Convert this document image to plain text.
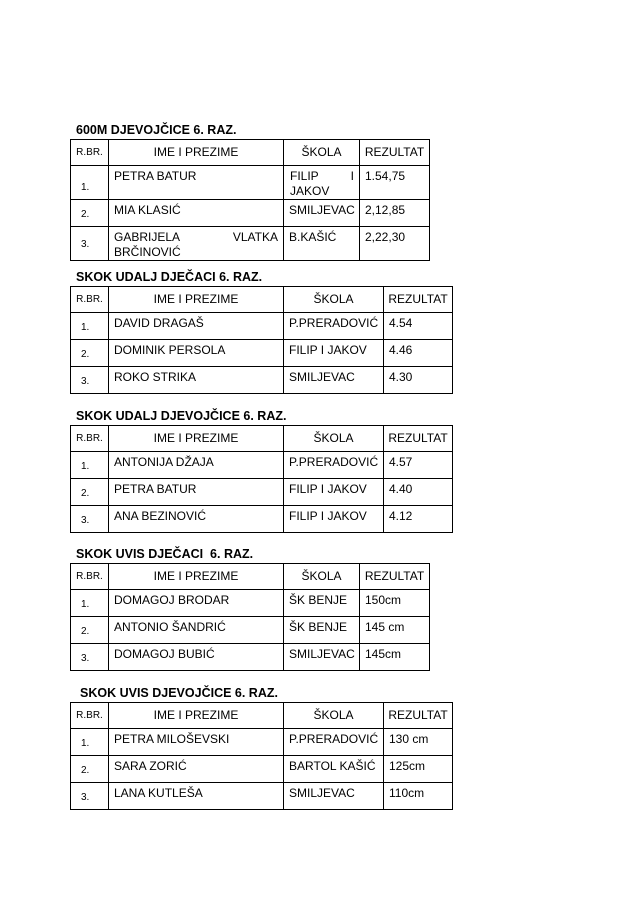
600M DJEVOJČICE 6. RAZ.
R.BR.	IME I PREZIME	ŠKOLA	REZULTAT
1.	PETRA BATUR	FILIP I JAKOV	1.54,75
2.	MIA KLASIĆ	SMILJEVAC	2,12,85
3.	GABRIJELA VLATKA BRČINOVIĆ	B.KAŠIĆ	2,22,30
SKOK UDALJ DJEČACI 6. RAZ.
R.BR.	IME I PREZIME	ŠKOLA	REZULTAT
1.	DAVID DRAGAŠ	P.PRERADOVIĆ	4.54
2.	DOMINIK PERSOLA	FILIP I JAKOV	4.46
3.	ROKO STRIKA	SMILJEVAC	4.30
SKOK UDALJ DJEVOJČICE 6. RAZ.
R.BR.	IME I PREZIME	ŠKOLA	REZULTAT
1.	ANTONIJA DŽAJA	P.PRERADOVIĆ	4.57
2.	PETRA BATUR	FILIP I JAKOV	4.40
3.	ANA BEZINOVIĆ	FILIP I JAKOV	4.12
SKOK UVIS DJEČACI  6. RAZ.
R.BR.	IME I PREZIME	ŠKOLA	REZULTAT
1.	DOMAGOJ BRODAR	ŠK BENJE	150cm
2.	ANTONIO ŠANDRIĆ	ŠK BENJE	145 cm
3.	DOMAGOJ BUBIĆ	SMILJEVAC	145cm
SKOK UVIS DJEVOJČICE 6. RAZ.
R.BR.	IME I PREZIME	ŠKOLA	REZULTAT
1.	PETRA MILOŠEVSKI	P.PRERADOVIĆ	130 cm
2.	SARA ZORIĆ	BARTOL KAŠIĆ	125cm
3.	LANA KUTLEŠA	SMILJEVAC	110cm
